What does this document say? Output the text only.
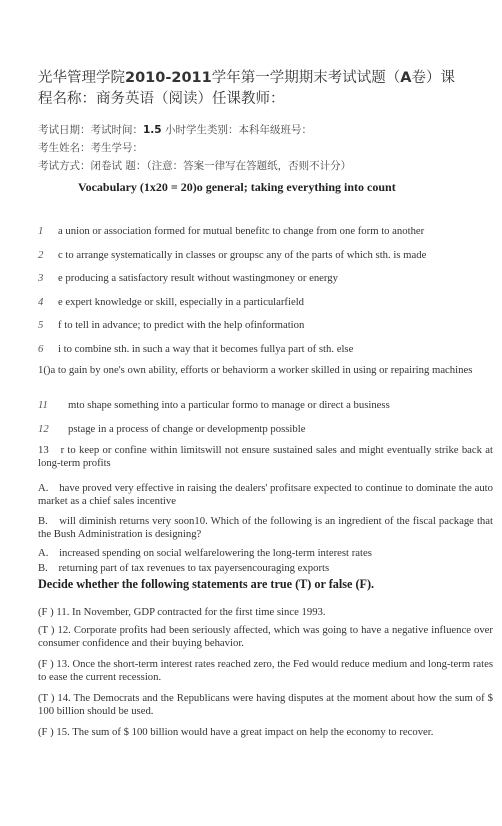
光华管理学院2010-2011学年第一学期期末考试试题（A卷）课程名称：商务英语（阅读）任课教师：
考试日期：考试时间：1.5 小时学生类别：本科年级班号：
考生姓名：考生学号：
考试方式：闭卷试 题：（注意：答案一律写在答题纸，否则不计分）
Vocabulary (1x20 = 20)o general; taking everything into count
1 a union or association formed for mutual benefitc to change from one form to another
2 c to arrange systematically in classes or groupsc any of the parts of which sth. is made
3 e producing a satisfactory result without wastingmoney or energy
4 e expert knowledge or skill, especially in a particularfield
5 f to tell in advance; to predict with the help ofinformation
6 i to combine sth. in such a way that it becomes fullya part of sth. else
1()a to gain by one's own ability, efforts or behaviorm a worker skilled in using or repairing machines
11 mto shape something into a particular formo to manage or direct a business
12 pstage in a process of change or developmentp possible
13　r to keep or confine within limitswill not ensure sustained sales and might eventually strike back at long-term profits
A.　have proved very effective in raising the dealers' profitsare expected to continue to dominate the auto market as a chief sales incentive
B.　will diminish returns very soon10. Which of the following is an ingredient of the fiscal package that the Bush Administration is designing?
A.　increased spending on social welfarelowering the long-term interest rates
B.　returning part of tax revenues to tax payersencouraging exports
Decide whether the following statements are true (T) or false (F).
(F ) 11. In November, GDP contracted for the first time since 1993.
(T ) 12. Corporate profits had been seriously affected, which was going to have a negative influence over consumer confidence and their buying behavior.
(F ) 13. Once the short-term interest rates reached zero, the Fed would reduce medium and long-term rates to ease the current recession.
(T ) 14. The Democrats and the Republicans were having disputes at the moment about how the sum of $ 100 billion should be used.
(F ) 15. The sum of $ 100 billion would have a great impact on help the economy to recover.
